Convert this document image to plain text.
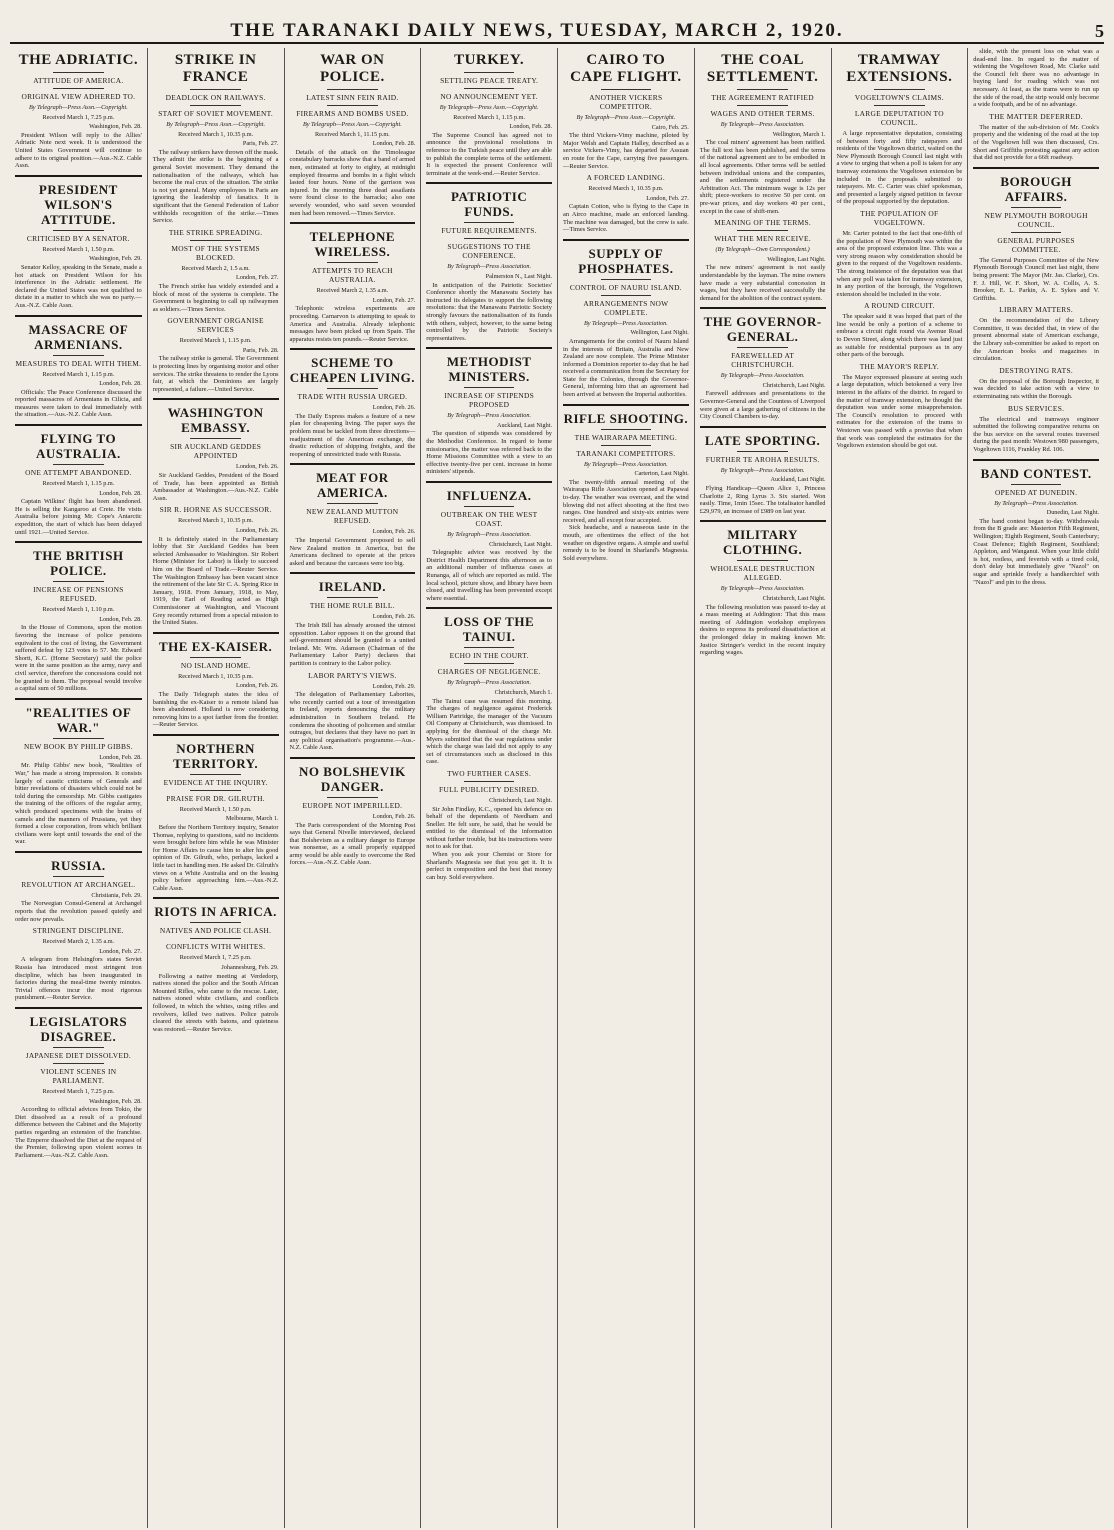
THE TARANAKI DAILY NEWS, TUESDAY, MARCH 2, 1920.	5
THE ADRIATIC.
ATTITUDE OF AMERICA.
ORIGINAL VIEW ADHERED TO.
By Telegraph—Press Assn.—Copyright.
Received March 1, 7.25 p.m.
Washington, Feb. 28.

President Wilson will reply to the Allies' Adriatic Note next week. It is understood the United States Government will continue to adhere to its original position.—Aus.-N.Z. Cable Assn.

PRESIDENT WILSON'S ATTITUDE.
CRITICISED BY A SENATOR.
Received March 1, 1.50 p.m.
Washington, Feb. 29.

Senator Kelloy, speaking in the Senate, made a hot attack on President Wilson for his interference in the Adriatic settlement. He declared the United States was not qualified to dictate in a matter to which she was no party.—Aus.-N.Z. Cable Assn.

MASSACRE OF ARMENIANS.
MEASURES TO DEAL WITH THEM.
Received March 1, 1.15 p.m.
London, Feb. 28.

Officials: The Peace Conference discussed the reported massacres of Armenians in Cilicia, and measures were taken to deal immediately with the situation.—Aus.-N.Z. Cable Assn.

FLYING TO AUSTRALIA.
ONE ATTEMPT ABANDONED.
Received March 1, 1.15 p.m.
London, Feb. 28.

Captain Wilkins' flight has been abandoned. He is selling the Kangaroo at Crete. He visits Australia before joining Mr. Cope's Antarctic expedition, the start of which has been delayed until 1921.—United Service.

THE BRITISH POLICE.
INCREASE OF PENSIONS REFUSED.
Received March 1, 1.10 p.m.
London, Feb. 28.

In the House of Commons, upon the motion favoring the increase of police pensions equivalent to the cost of living, the Government suffered defeat by 123 votes to 57. Mr. Edward Shortt, K.C. (Home Secretary) said the police were in the same position as the army, navy and civil service, therefore the concessions could not be granted to them. The proposal would involve a capital sum of 50 millions.

"REALITIES OF WAR."
NEW BOOK BY PHILIP GIBBS.
London, Feb. 28.

Mr. Philip Gibbs' new book, "Realities of War," has made a strong impression. It consists largely of caustic criticisms of Generals and bitter revelations of disasters which could not be told during the censorship. Mr. Gibbs castigates the training of the officers of the regular army, which produced specimens with the brains of camels and the manners of Prussians, yet they formed a close corporation, from which brilliant civilians were kept until towards the end of the war.

RUSSIA.
REVOLUTION AT ARCHANGEL.
Christiania, Feb. 29.

The Norwegian Consul-General at Archangel reports that the revolution passed quietly and order now prevails.

STRINGENT DISCIPLINE.
Received March 2, 1.35 a.m.
London, Feb. 27.

A telegram from Helsingfors states Soviet Russia has introduced most stringent iron discipline, which has been inaugurated in factories during the meal-time twenty minutes. Trivial offences incur the most rigorous punishment.—Reuter Service.

LEGISLATORS DISAGREE.
JAPANESE DIET DISSOLVED.
VIOLENT SCENES IN PARLIAMENT.
Received March 1, 7.25 p.m.
Washington, Feb. 28.

According to official advices from Tokio, the Diet dissolved as a result of a profound difference between the Cabinet and the Majority parties regarding an extension of the franchise. The Emperor dissolved the Diet at the request of the Premier, following upon violent scenes in Parliament.—Aus.-N.Z. Cable Assn.

STRIKE IN FRANCE
DEADLOCK ON RAILWAYS.
START OF SOVIET MOVEMENT.
By Telegraph—Press Assn.—Copyright.
Received March 1, 10.35 p.m.
Paris, Feb. 27.

The railway strikers have thrown off the mask. They admit the strike is the beginning of a general Soviet movement. They demand the nationalisation of the railways, which has become the real crux of the situation. The strike is not yet general. Many employees in Paris are ignoring the leadership of fanatics. It is significant that the General Federation of Labor withholds recognition of the strike.—Times Service.

THE STRIKE SPREADING.
MOST OF THE SYSTEMS BLOCKED.
Received March 2, 1.5 a.m.
London, Feb. 27.

The French strike has widely extended and a block of most of the systems is complete. The Government is beginning to call up railwaymen as soldiers.—Times Service.

GOVERNMENT ORGANISE SERVICES
Received March 1, 1.15 p.m.
Paris, Feb. 28.

The railway strike is general. The Government is protecting lines by organising motor and other services. The strike threatens to render the Lyons fair, at which the Dominions are largely represented, a failure.—United Service.

WASHINGTON EMBASSY.
SIR AUCKLAND GEDDES APPOINTED
London, Feb. 26.

Sir Auckland Geddes, President of the Board of Trade, has been appointed as British Ambassador at Washington.—Aus.-N.Z. Cable Assn.

SIR R. HORNE AS SUCCESSOR.
Received March 1, 10.35 p.m.
London, Feb. 26.

It is definitely stated in the Parliamentary lobby that Sir Auckland Geddes has been selected Ambassador to Washington. Sir Robert Horne (Minister for Labor) is likely to succeed him on the Board of Trade.—Reuter Service. The Washington Embassy has been vacant since the retirement of the late Sir C. A. Spring Rice in January, 1918. From January, 1918, to May, 1919, the Earl of Reading acted as High Commissioner at Washington, and Viscount Grey recently returned from a special mission to the United States.

THE EX-KAISER.
NO ISLAND HOME.
Received March 1, 10.35 p.m.
London, Feb. 26.

The Daily Telegraph states the idea of banishing the ex-Kaiser to a remote island has been abandoned. Holland is now considering removing him to a spot farther from the frontier.—Reuter Service.

NORTHERN TERRITORY.
EVIDENCE AT THE INQUIRY.
PRAISE FOR DR. GILRUTH.
Received March 1, 1.50 p.m.
Melbourne, March 1.

Before the Northern Territory inquiry, Senator Thomas, replying to questions, said no incidents were brought before him while he was Minister for Home Affairs to cause him to alter his good opinion of Dr. Gilruth, who, perhaps, lacked a little tact in handling men. He asked Dr. Gilruth's views on a White Australia and on the leasing policy before approaching him.—Aus.-N.Z. Cable Assn.

RIOTS IN AFRICA.
NATIVES AND POLICE CLASH.
CONFLICTS WITH WHITES.
Received March 1, 7.25 p.m.
Johannesburg, Feb. 29.

Following a native meeting at Verdedorp, natives stoned the police and the South African Mounted Rifles, who came to the rescue. Later, natives stoned white civilians, and conflicts followed, in which the whites, using rifles and revolvers, killed two natives. Police patrols cleared the streets with batons, and quietness was restored.—Reuter Service.

WAR ON POLICE.
LATEST SINN FEIN RAID.
FIREARMS AND BOMBS USED.
By Telegraph—Press Assn.—Copyright.
Received March 1, 11.15 p.m.
London, Feb. 28.

Details of the attack on the Timoleague constabulary barracks show that a band of armed men, estimated at forty to eighty, at midnight employed firearms and bombs in a fight which lasted four hours. None of the garrison was injured. In the morning three dead assailants were found close to the barracks; also one severely wounded, who said seven wounded men had been removed.—Times Service.

TELEPHONE WIRELESS.
ATTEMPTS TO REACH AUSTRALIA.
Received March 2, 1.35 a.m.
London, Feb. 27.

Telephonic wireless experiments are proceeding. Carnarvon is attempting to speak to America and Australia. Already telephonic messages have been picked up from Spain. The apparatus resists ten pounds.—Reuter Service.

SCHEME TO CHEAPEN LIVING.
TRADE WITH RUSSIA URGED.
London, Feb. 26.

The Daily Express makes a feature of a new plan for cheapening living. The paper says the problem must be tackled from three directions—readjustment of the American exchange, the drastic reduction of shipping freights, and the reopening of unrestricted trade with Russia.

MEAT FOR AMERICA.
NEW ZEALAND MUTTON REFUSED.
London, Feb. 26.

The Imperial Government proposed to sell New Zealand mutton in America, but the Americans declined to operate at the prices asked and because the carcases were too big.

IRELAND.
THE HOME RULE BILL.
London, Feb. 26.

The Irish Bill has already aroused the utmost opposition. Labor opposes it on the ground that self-government should be granted to a united Ireland. Mr. Wm. Adamson (Chairman of the Parliamentary Labor Party) declares that partition is contrary to the Labor policy.

LABOR PARTY'S VIEWS.
London, Feb. 29.

The delegation of Parliamentary Laborites, who recently carried out a tour of investigation in Ireland, reports denouncing the military administration in Southern Ireland. He condemns the shooting of policemen and similar outrages, but declares that they have no part in any political organisation's programme.—Aus.-N.Z. Cable Assn.

NO BOLSHEVIK DANGER.
EUROPE NOT IMPERILLED.
London, Feb. 26.

The Paris correspondent of the Morning Post says that General Nivelle interviewed, declared that Bolshevism as a military danger to Europe was nonsense, as a small properly equipped army would be able easily to overcome the Red forces.—Aus.-N.Z. Cable Assn.

TURKEY.
SETTLING PEACE TREATY.
NO ANNOUNCEMENT YET.
By Telegraph—Press Assn.—Copyright.
Received March 1, 1.15 p.m.
London, Feb. 28.

The Supreme Council has agreed not to announce the provisional resolutions in reference to the Turkish peace until they are able to publish the complete terms of the settlement. It is expected the present Conference will terminate at the week-end.—Reuter Service.

PATRIOTIC FUNDS.
FUTURE REQUIREMENTS.
SUGGESTIONS TO THE CONFERENCE.
By Telegraph—Press Association.
Palmerston N., Last Night.

In anticipation of the Patriotic Societies' Conference shortly the Manawatu Society has instructed its delegates to support the following resolutions: that the Manawatu Patriotic Society strongly favours the nationalisation of its funds with others, subject, however, to the same being controlled by the Patriotic Society's representatives.

METHODIST MINISTERS.
INCREASE OF STIPENDS PROPOSED
By Telegraph—Press Association.
Auckland, Last Night.

The question of stipends was considered by the Methodist Conference. In regard to home missionaries, the matter was referred back to the Home Missions Committee with a view to an effective twenty-five per cent. increase in home ministers' stipends.

INFLUENZA.
OUTBREAK ON THE WEST COAST.
By Telegraph—Press Association.
Christchurch, Last Night.

Telegraphic advice was received by the District Health Department this afternoon as to an additional number of influenza cases at Runanga, all of which are reported as mild. The local school, picture show, and library have been closed, and travelling has been prevented except where essential.

LOSS OF THE TAINUI.
ECHO IN THE COURT.
CHARGES OF NEGLIGENCE.
By Telegraph—Press Association.
Christchurch, March 1.

The Tainui case was resumed this morning. The charges of negligence against Frederick William Partridge, the manager of the Vacuum Oil Company at Christchurch, was dismissed. In applying for the dismissal of the charge Mr. Myers submitted that the war regulations under which the charge was laid did not apply to any set of circumstances such as disclosed in this case.

TWO FURTHER CASES.
FULL PUBLICITY DESIRED.
Christchurch, Last Night.

Sir John Findlay, K.C., opened his defence on behalf of the dependants of Needham and Sneller. He felt sure, he said, that he would be entitled to the dismissal of the information without further trouble, but his instructions were not to ask for that.

When you ask your Chemist or Store for Sharland's Magnesia see that you get it. It is perfect in composition and the best that money can buy. Sold everywhere.

CAIRO TO CAPE FLIGHT.
ANOTHER VICKERS COMPETITOR.
By Telegraph—Press Assn.—Copyright.
Cairo, Feb. 25.

The third Vickers-Vimy machine, piloted by Major Welsh and Captain Halley, described as a service Vickers-Vimy, has departed for Assuan en route for the Cape, carrying five passengers.—Reuter Service.

A FORCED LANDING.
Received March 1, 10.35 p.m.
London, Feb. 27.

Captain Cotton, who is flying to the Cape in an Airco machine, made an enforced landing. The machine was damaged, but the crew is safe.—Times Service.

SUPPLY OF PHOSPHATES.
CONTROL OF NAURU ISLAND.
ARRANGEMENTS NOW COMPLETE.
By Telegraph—Press Association.
Wellington, Last Night.

Arrangements for the control of Nauru Island in the interests of Britain, Australia and New Zealand are now complete. The Prime Minister informed a Dominion reporter to-day that he had received a communication from the Secretary for State for the Colonies, through the Governor-General, informing him that an agreement had been arrived at between the Imperial authorities.

RIFLE SHOOTING.
THE WAIRARAPA MEETING.
TARANAKI COMPETITORS.
By Telegraph—Press Association.
Carterton, Last Night.

The twenty-fifth annual meeting of the Wairarapa Rifle Association opened at Papawai to-day. The weather was overcast, and the wind blowing did not affect shooting at the first two ranges. One hundred and sixty-six entries were received, and all except four accepted.

Sick headache, and a nauseous taste in the mouth, are oftentimes the effect of the hot weather on digestive organs. A simple and useful remedy is to be found in Sharland's Magnesia. Sold everywhere.

THE COAL SETTLEMENT.
THE AGREEMENT RATIFIED
WAGES AND OTHER TERMS.
By Telegraph—Press Association.
Wellington, March 1.

The coal miners' agreement has been ratified. The full text has been published, and the terms of the national agreement are to be embodied in all local agreements. Other terms will be settled between individual unions and the companies, and the settlements registered under the Arbitration Act. The minimum wage is 12s per shift; piece-workers to receive 50 per cent. on pre-war prices, and day workers 40 per cent., except in the case of shift-men.

MEANING OF THE TERMS.
WHAT THE MEN RECEIVE.
(By Telegraph—Own Correspondent.)
Wellington, Last Night.

The new miners' agreement is not easily understandable by the layman. The mine owners have made a very substantial concession in wages, but they have received successfully the demand for the abolition of the contract system.

THE GOVERNOR-GENERAL.
FAREWELLED AT CHRISTCHURCH.
By Telegraph—Press Association.
Christchurch, Last Night.

Farewell addresses and presentations to the Governor-General and the Countess of Liverpool were given at a large gathering of citizens in the City Council Chambers to-day.

LATE SPORTING.
FURTHER TE AROHA RESULTS.
By Telegraph—Press Association.
Auckland, Last Night.

Flying Handicap—Queen Alice 1, Princess Charlotte 2, Ring Lyrus 3. Six started. Won easily. Time, 1min 15sec. The totalisator handled £29,979, an increase of £989 on last year.

MILITARY CLOTHING.
WHOLESALE DESTRUCTION ALLEGED.
By Telegraph—Press Association.
Christchurch, Last Night.

The following resolution was passed to-day at a mass meeting at Addington: That this mass meeting of Addington workshop employees desires to express its profound dissatisfaction at the prolonged delay in making known Mr. Justice Stringer's verdict in the recent inquiry regarding wages.

TRAMWAY EXTENSIONS.
VOGELTOWN'S CLAIMS.
LARGE DEPUTATION TO COUNCIL.

A large representative deputation, consisting of between forty and fifty ratepayers and residents of the Vogeltown district, waited on the New Plymouth Borough Council last night with a view to urging that when a poll is taken for any tramway extensions the Vogeltown extension be included in the proposals submitted to ratepayers. Mr. C. Carter was chief spokesman, and presented a largely signed petition in favour of the proposal supported by the deputation.

THE POPULATION OF VOGELTOWN.

Mr. Carter pointed to the fact that one-fifth of the population of New Plymouth was within the area of the proposed extension line. This was a very strong reason why consideration should be given to the request of the Vogeltown residents. The strong insistence of the deputation was that when any poll was taken for tramway extension, in any portion of the borough, the Vogeltown extension should be included in the vote.

A ROUND CIRCUIT.

The speaker said it was hoped that part of the line would be only a portion of a scheme to embrace a circuit right round via Avenue Road to Devon Street, along which there was land just as suitable for residential purposes as in any other parts of the borough.

THE MAYOR'S REPLY.

The Mayor expressed pleasure at seeing such a large deputation, which betokened a very live interest in the affairs of the district. In regard to the matter of tramway extension, he thought the deputation was under some misapprehension. The Council's resolution to proceed with estimates for the extension of the trams to Westown was passed with a proviso that when that work was completed the estimates for the Vogeltown extension should be got out.

slide, with the present loss on what was a dead-end line. In regard to the matter of widening the Vogeltown Road, Mr. Clarke said the Council felt there was no advantage in buying land for roading which was not necessary. At least, as the trams were to run up the side of the road, the strip would only become a wide footpath, and be of no advantage.

THE MATTER DEFERRED.

The matter of the sub-division of Mr. Cook's property and the widening of the road at the top of the Vogeltown hill was then discussed, Crs. Short and Griffiths protesting against any action that did not provide for a 66ft roadway.

BOROUGH AFFAIRS.
NEW PLYMOUTH BOROUGH COUNCIL.
GENERAL PURPOSES COMMITTEE.

The General Purposes Committee of the New Plymouth Borough Council met last night, there being present: The Mayor (Mr. Jas. Clarke), Crs. F. J. Hill, W. F. Short, W. A. Collis, A. S. Brooker, E. L. Parkin, A. E. Sykes and V. Griffiths.

LIBRARY MATTERS.

On the recommendation of the Library Committee, it was decided that, in view of the present abnormal state of American exchange, the Library sub-committee be asked to report on the American books and magazines in circulation.

DESTROYING RATS.

On the proposal of the Borough Inspector, it was decided to take action with a view to exterminating rats within the Borough.

BUS SERVICES.

The electrical and tramways engineer submitted the following comparative returns on the bus service on the several routes traversed during the past month: Westown 980 passengers, Vogeltown 1116, Frankley Rd. 106.

BAND CONTEST.
OPENED AT DUNEDIN.
By Telegraph—Press Association.
Dunedin, Last Night.

The band contest began to-day. Withdrawals from the B grade are: Masterton Fifth Regiment, Wellington; Eighth Regiment, South Canterbury; Coast Defence; Eighth Regiment, Southland; Appleton, and Wanganui. When your little child is hot, restless, and feverish with a tired cold, don't delay but immediately give "Nazol" on sugar and sprinkle freely a handkerchief with "Nazol" and pin to the dress.
